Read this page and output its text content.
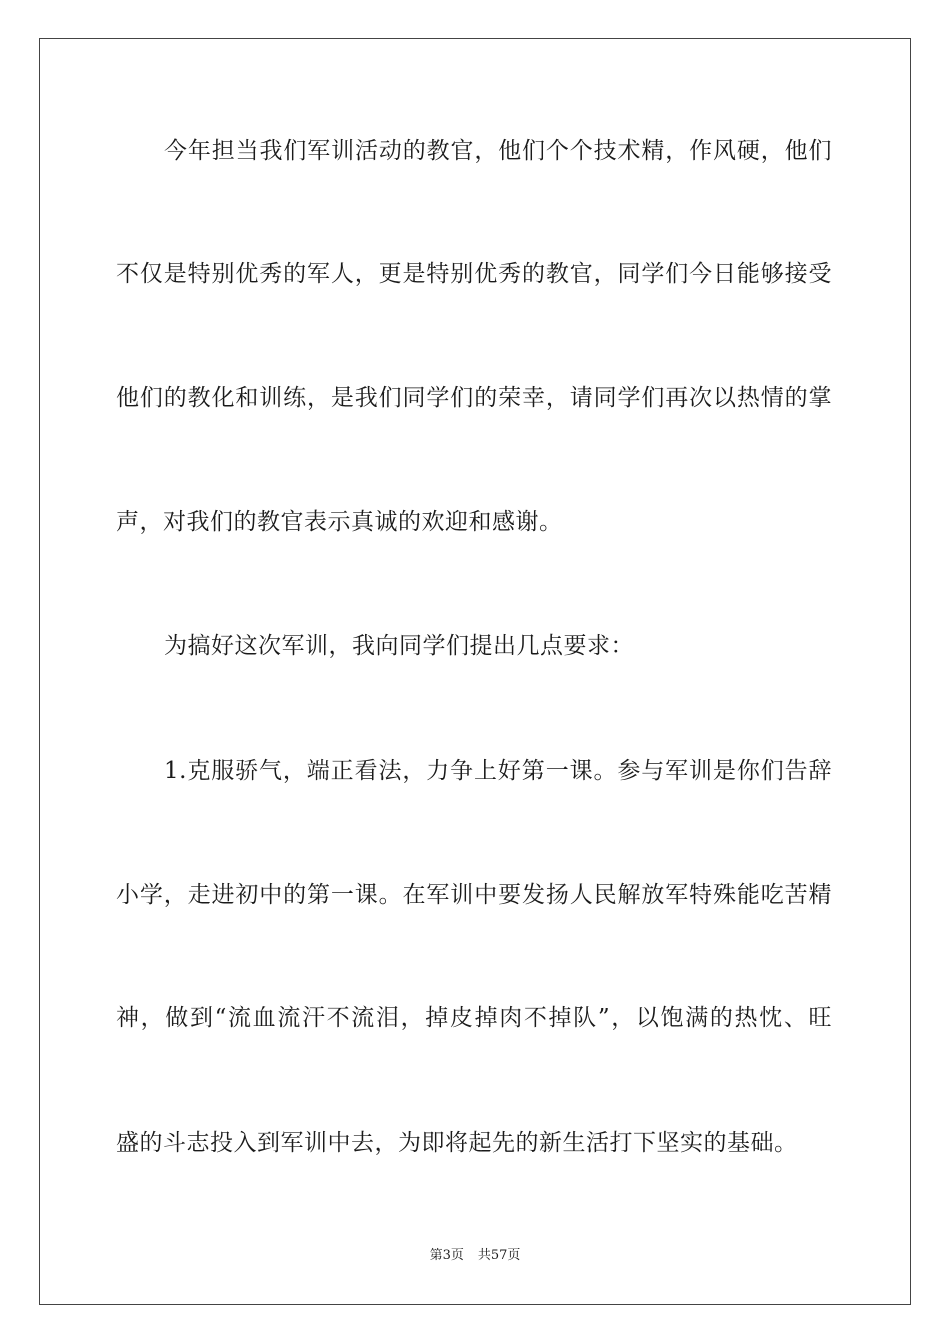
今年担当我们军训活动的教官，他们个个技术精，作风硬，他们
不仅是特别优秀的军人，更是特别优秀的教官，同学们今日能够接受
他们的教化和训练，是我们同学们的荣幸，请同学们再次以热情的掌
声，对我们的教官表示真诚的欢迎和感谢。
为搞好这次军训，我向同学们提出几点要求：
1.克服骄气，端正看法，力争上好第一课。参与军训是你们告辞
小学，走进初中的第一课。在军训中要发扬人民解放军特殊能吃苦精
神，做到“流血流汗不流泪，掉皮掉肉不掉队”，以饱满的热忱、旺
盛的斗志投入到军训中去，为即将起先的新生活打下坚实的基础。
第3页 共57页
